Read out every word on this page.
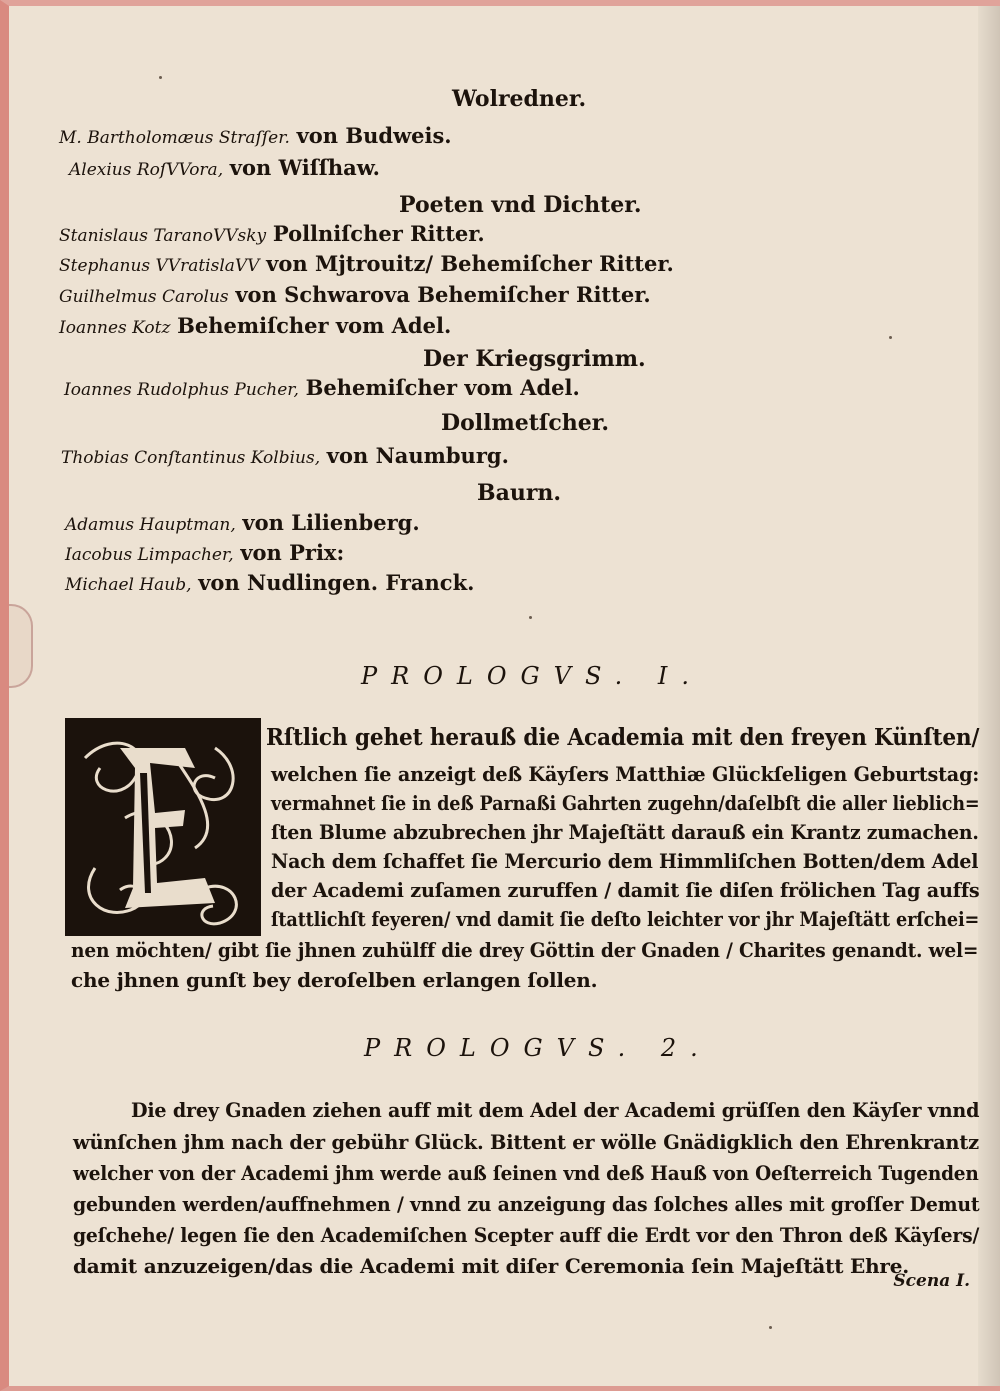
Wolredner.
M. Bartholomæus Straſſer. von Budweis.
Alexius RoſVVora, von Wiſſhaw.
Poeten vnd Dichter.
Stanislaus TaranoVVsky Pollniſcher Ritter.
Stephanus VVratislaVV von Mjtrouitz/ Behemiſcher Ritter.
Guilhelmus Carolus von Schwarova Behemiſcher Ritter.
Ioannes Kotz Behemiſcher vom Adel.
Der Kriegsgrimm.
Ioannes Rudolphus Pucher, Behemiſcher vom Adel.
Dollmetſcher.
Thobias Conſtantinus Kolbius, von Naumburg.
Baurn.
Adamus Hauptman, von Lilienberg.
Iacobus Limpacher, von Prix:
Michael Haub, von Nudlingen. Franck.
PROLOGVS. I.
Rſtlich gehet herauß die Academia mit den freyen Künſten/
welchen ſie anzeigt deß Käyſers Matthiæ Glückſeligen Geburtstag:
vermahnet ſie in deß Parnaßi Gahrten zugehn/daſelbſt die aller lieblich=
ſten Blume abzubrechen jhr Majeſtätt darauß ein Krantz zumachen.
Nach dem ſchaffet ſie Mercurio dem Himmliſchen Botten/dem Adel
der Academi zuſamen zuruffen / damit ſie diſen frölichen Tag auffs
ſtattlichſt feyeren/ vnd damit ſie deſto leichter vor jhr Majeſtätt erſchei=
nen möchten/ gibt ſie jhnen zuhülff die drey Göttin der Gnaden / Charites genandt. wel=
che jhnen gunſt bey deroſelben erlangen ſollen.
PROLOGVS. 2.
Die drey Gnaden ziehen auff mit dem Adel der Academi grüſſen den Käyſer vnnd
wünſchen jhm nach der gebühr Glück. Bittent er wölle Gnädigklich den Ehrenkrantz
welcher von der Academi jhm werde auß ſeinen vnd deß Hauß von Oeſterreich Tugenden
gebunden werden/auffnehmen / vnnd zu anzeigung das ſolches alles mit groſſer Demut
geſchehe/ legen ſie den Academiſchen Scepter auff die Erdt vor den Thron deß Käyſers/
damit anzuzeigen/das die Academi mit diſer Ceremonia ſein Majeſtätt Ehre.
Scena I.
